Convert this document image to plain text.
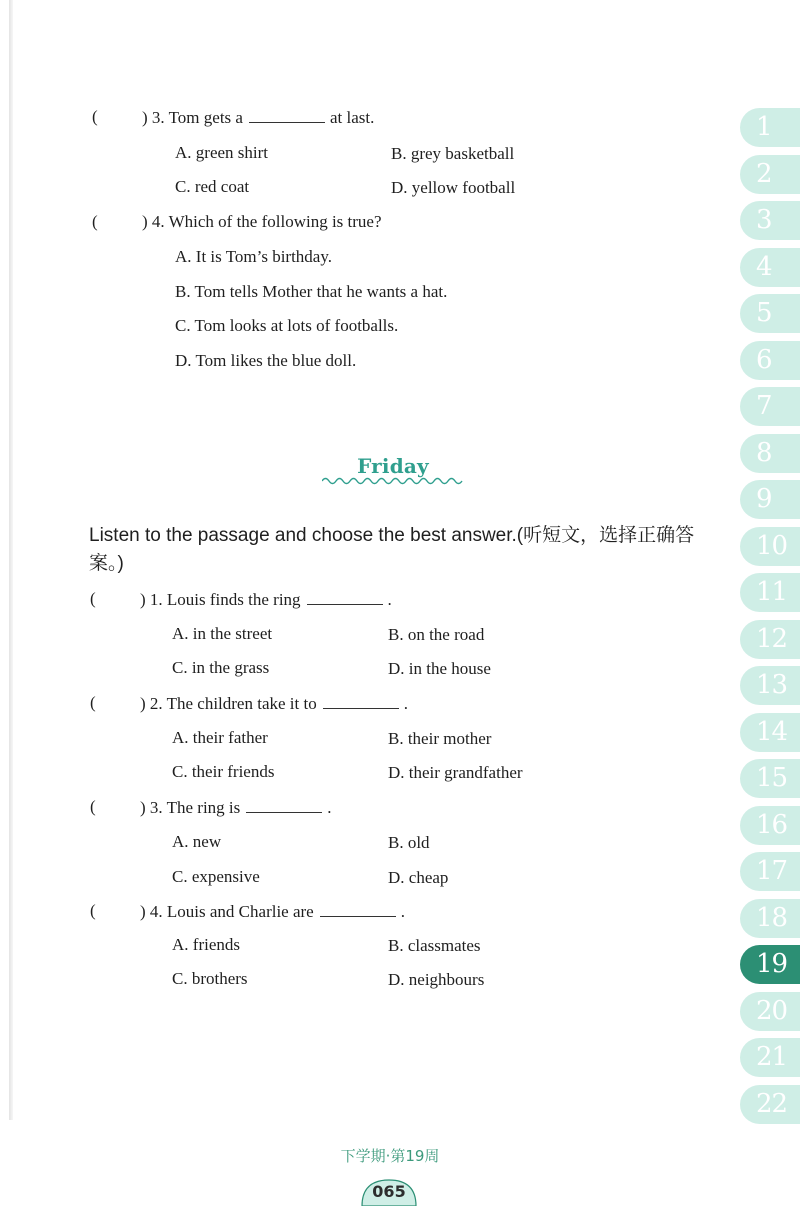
(	) 3. Tom gets a	at last.
A. green shirt	B. grey basketball
C. red coat	D. yellow football
(	) 4. Which of the following is true?
A. It is Tom’s birthday.
B. Tom tells Mother that he wants a hat.
C. Tom looks at lots of footballs.
D. Tom likes the blue doll.
Friday
Listen to the passage and choose the best answer.(听短文，选择正确答案。)
(	) 1. Louis finds the ring	.
A. in the street	B. on the road
C. in the grass	D. in the house
(	) 2. The children take it to	.
A. their father	B. their mother
C. their friends	D. their grandfather
(	) 3. The ring is	.
A. new	B. old
C. expensive	D. cheap
(	) 4. Louis and Charlie are	.
A. friends	B. classmates
C. brothers	D. neighbours
1
2
3
4
5
6
7
8
9
10
11
12
13
14
15
16
17
18
19
20
21
22
下学期·第19周
065
